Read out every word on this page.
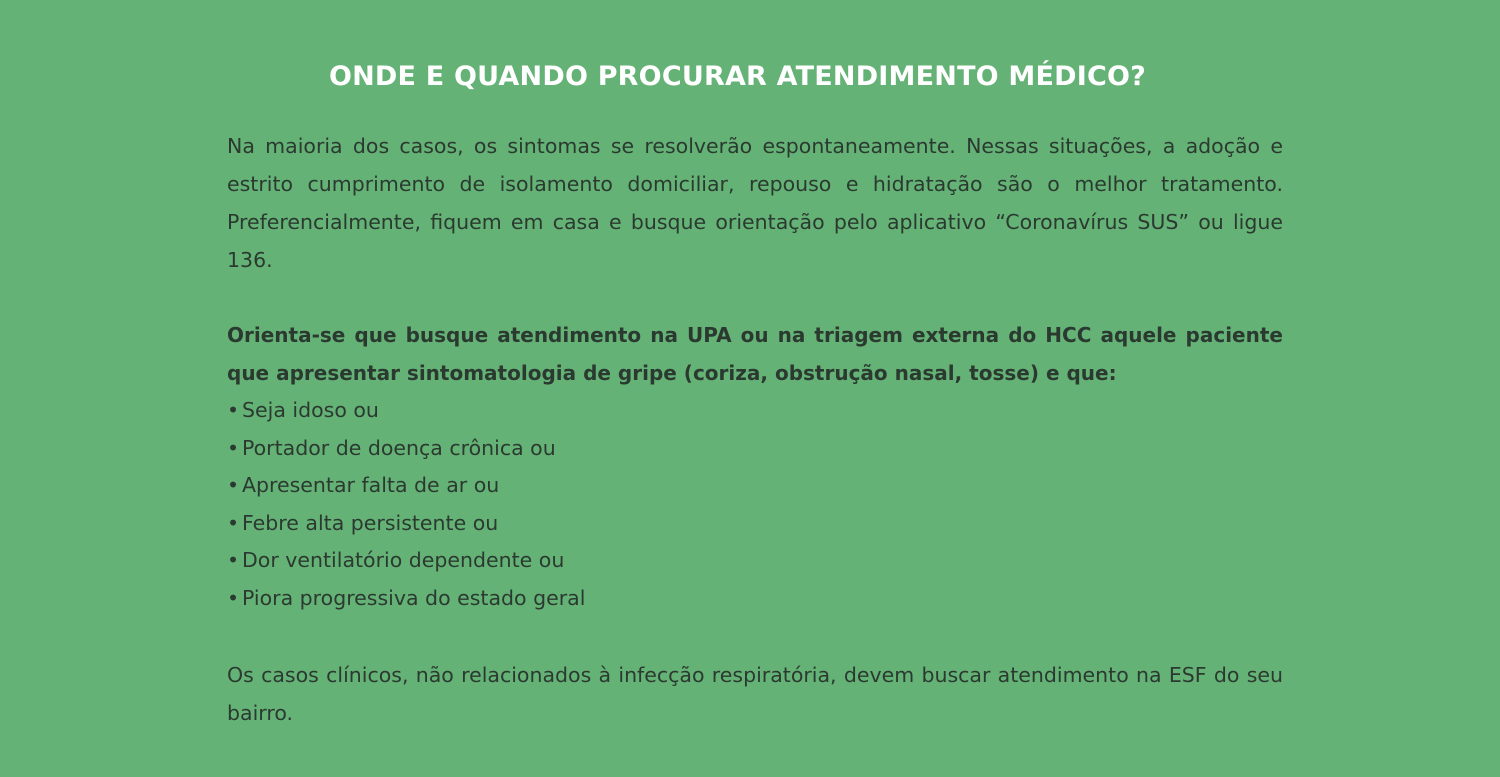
ONDE E QUANDO PROCURAR ATENDIMENTO MÉDICO?

Na maioria dos casos, os sintomas se resolverão espontaneamente. Nessas situações, a adoção e estrito cumprimento de isolamento domiciliar, repouso e hidratação são o melhor tratamento. Preferencialmente, fiquem em casa e busque orientação pelo aplicativo “Coronavírus SUS” ou ligue 136.

Orienta-se que busque atendimento na UPA ou na triagem externa do HCC aquele paciente que apresentar sintomatologia de gripe (coriza, obstrução nasal, tosse) e que:

• Seja idoso ou
• Portador de doença crônica ou
• Apresentar falta de ar ou
• Febre alta persistente ou
• Dor ventilatório dependente ou
• Piora progressiva do estado geral

Os casos clínicos, não relacionados à infecção respiratória, devem buscar atendimento na ESF do seu bairro.
